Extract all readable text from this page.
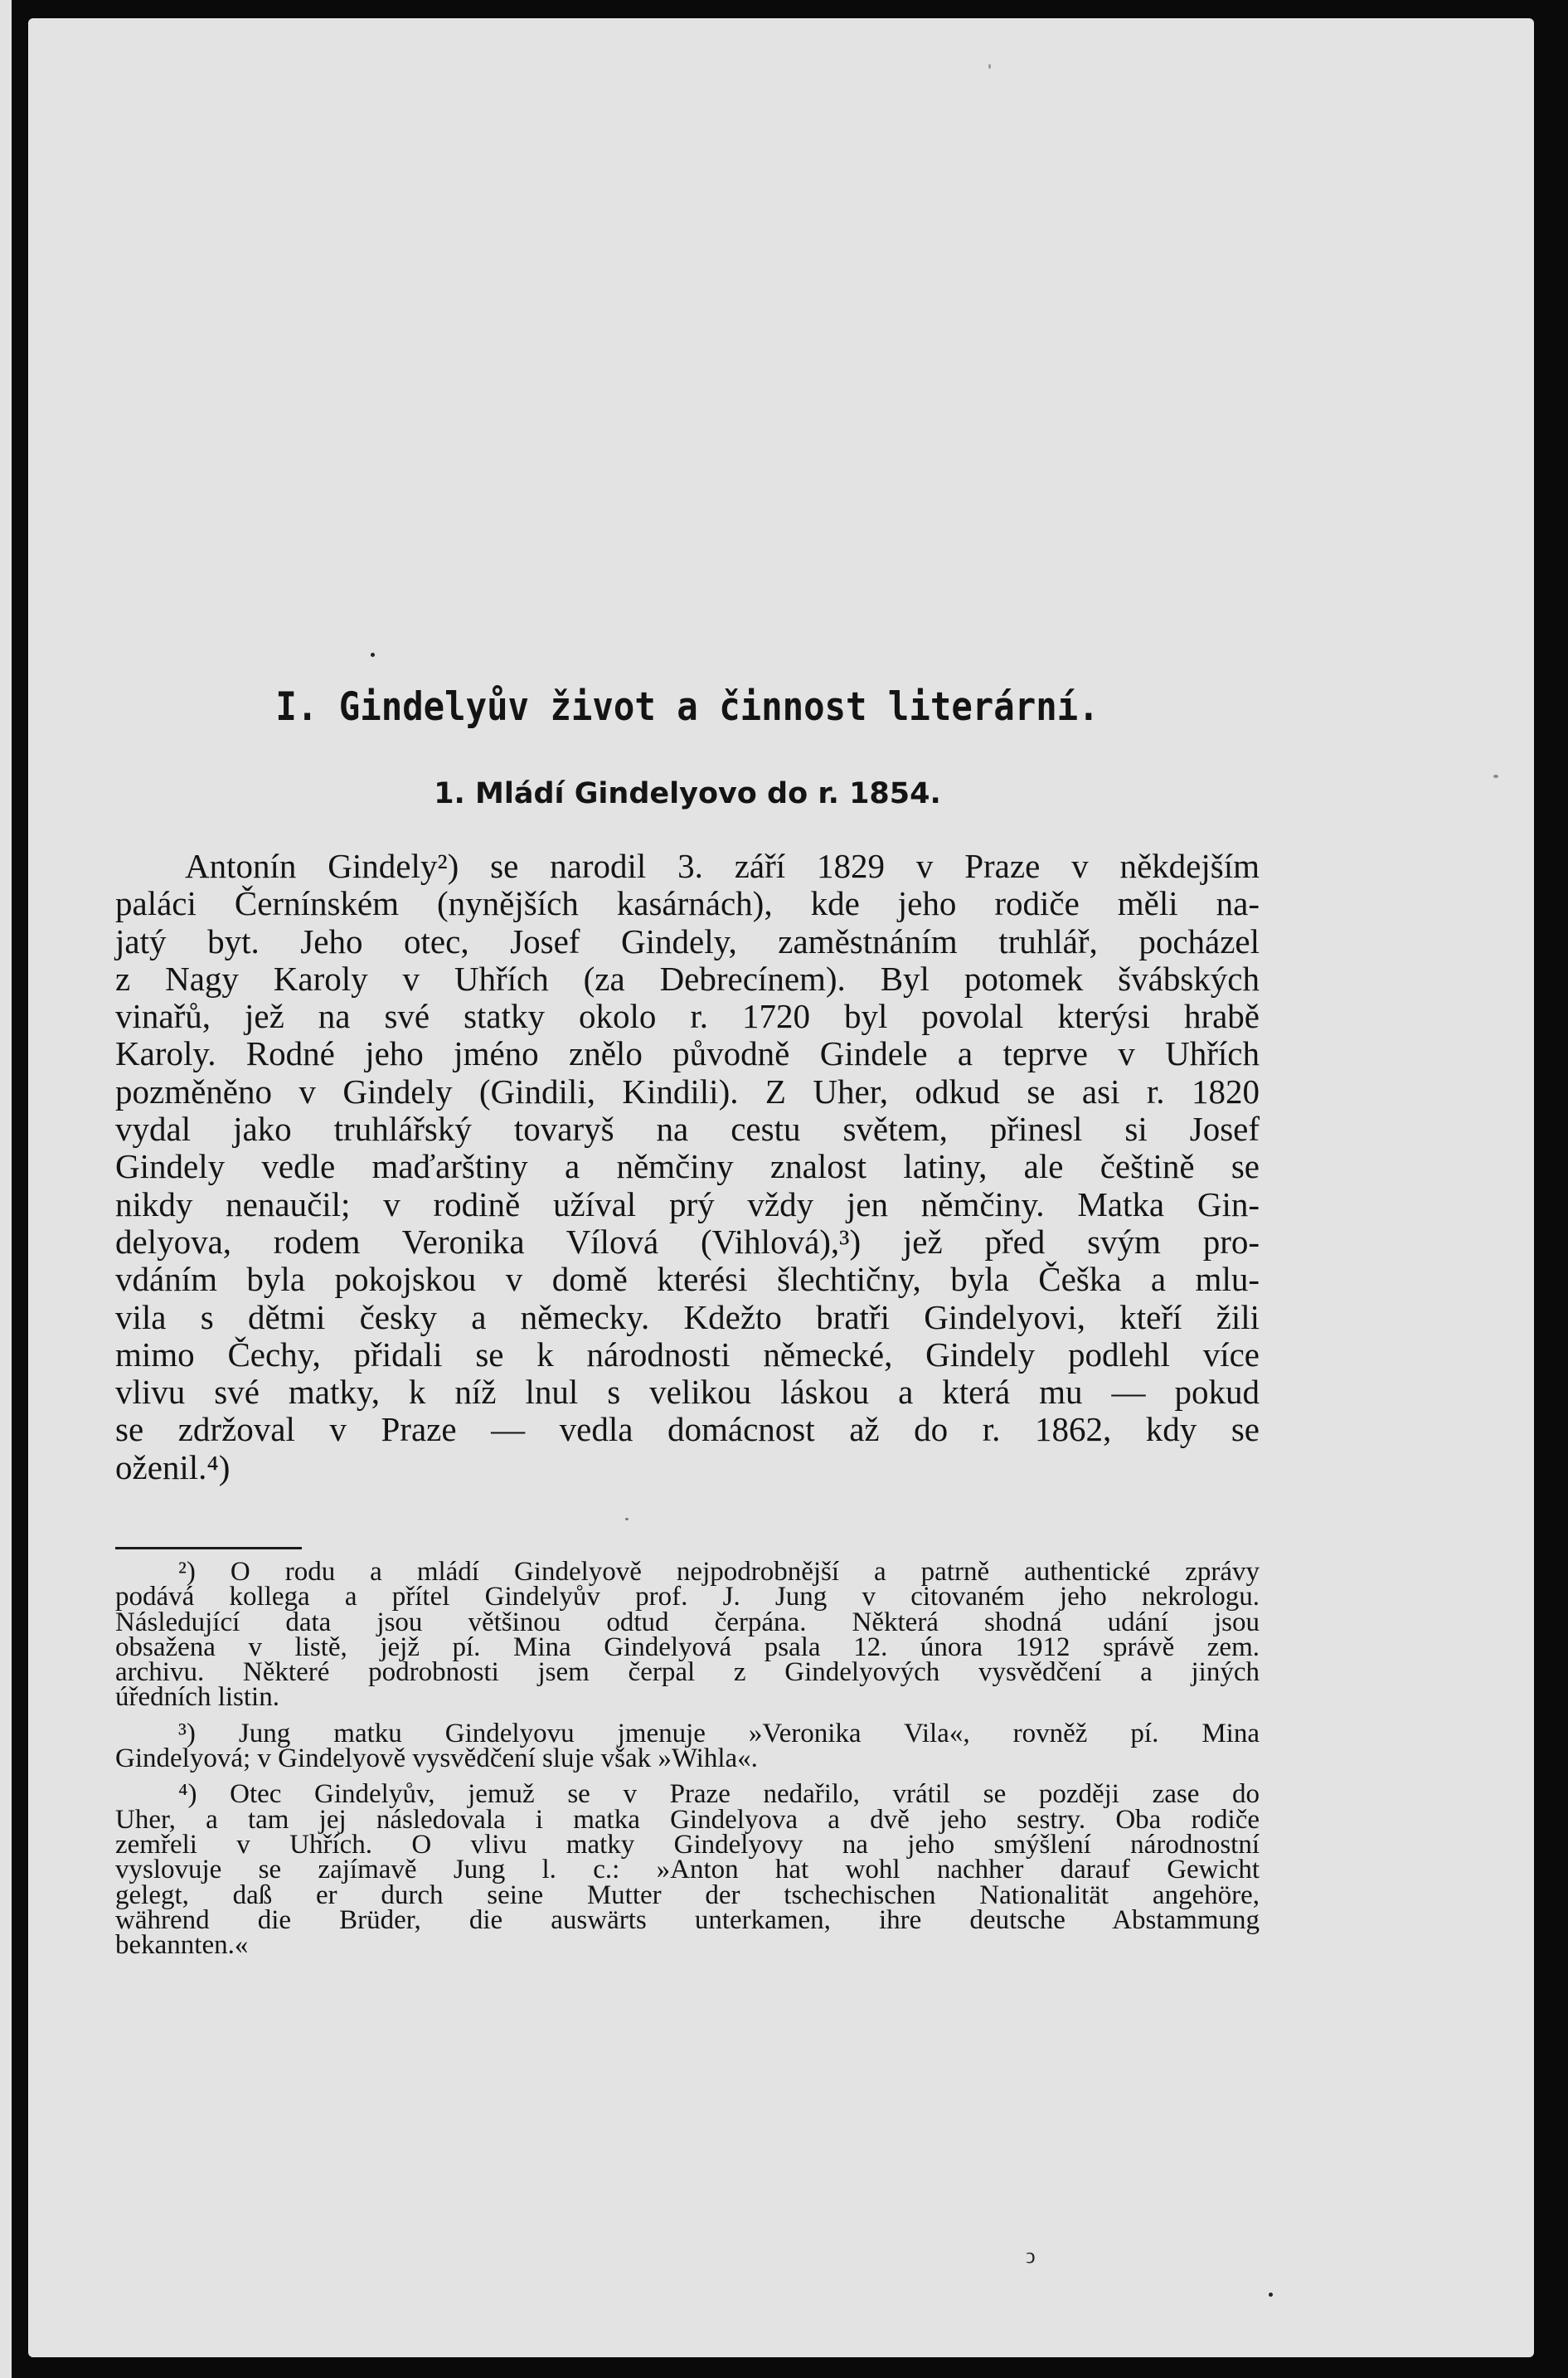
I. Gindelyův život a činnost literární.
1. Mládí Gindelyovo do r. 1854.
Antonín Gindely²) se narodil 3. září 1829 v Praze v někdejším
paláci Černínském (nynějších kasárnách), kde jeho rodiče měli na-
jatý byt. Jeho otec, Josef Gindely, zaměstnáním truhlář, pocházel
z Nagy Karoly v Uhřích (za Debrecínem). Byl potomek švábských
vinařů, jež na své statky okolo r. 1720 byl povolal kterýsi hrabě
Karoly. Rodné jeho jméno znělo původně Gindele a teprve v Uhřích
pozměněno v Gindely (Gindili, Kindili). Z Uher, odkud se asi r. 1820
vydal jako truhlářský tovaryš na cestu světem, přinesl si Josef
Gindely vedle maďarštiny a němčiny znalost latiny, ale češtině se
nikdy nenaučil; v rodině užíval prý vždy jen němčiny. Matka Gin-
delyova, rodem Veronika Vílová (Vihlová),³) jež před svým pro-
vdáním byla pokojskou v domě kterési šlechtičny, byla Češka a mlu-
vila s dětmi česky a německy. Kdežto bratři Gindelyovi, kteří žili
mimo Čechy, přidali se k národnosti německé, Gindely podlehl více
vlivu své matky, k níž lnul s velikou láskou a která mu — pokud
se zdržoval v Praze — vedla domácnost až do r. 1862, kdy se
oženil.⁴)
²) O rodu a mládí Gindelyově nejpodrobnější a patrně authentické zprávy
podává kollega a přítel Gindelyův prof. J. Jung v citovaném jeho nekrologu.
Následující data jsou většinou odtud čerpána. Některá shodná udání jsou
obsažena v listě, jejž pí. Mina Gindelyová psala 12. února 1912 správě zem.
archivu. Některé podrobnosti jsem čerpal z Gindelyových vysvědčení a jiných
úředních listin.
³) Jung matku Gindelyovu jmenuje »Veronika Vila«, rovněž pí. Mina
Gindelyová; v Gindelyově vysvědčení sluje však »Wihla«.
⁴) Otec Gindelyův, jemuž se v Praze nedařilo, vrátil se později zase do
Uher, a tam jej následovala i matka Gindelyova a dvě jeho sestry. Oba rodiče
zemřeli v Uhřích. O vlivu matky Gindelyovy na jeho smýšlení národnostní
vyslovuje se zajímavě Jung l. c.: »Anton hat wohl nachher darauf Gewicht
gelegt, daß er durch seine Mutter der tschechischen Nationalität angehöre,
während die Brüder, die auswärts unterkamen, ihre deutsche Abstammung
bekannten.«
ͻ
